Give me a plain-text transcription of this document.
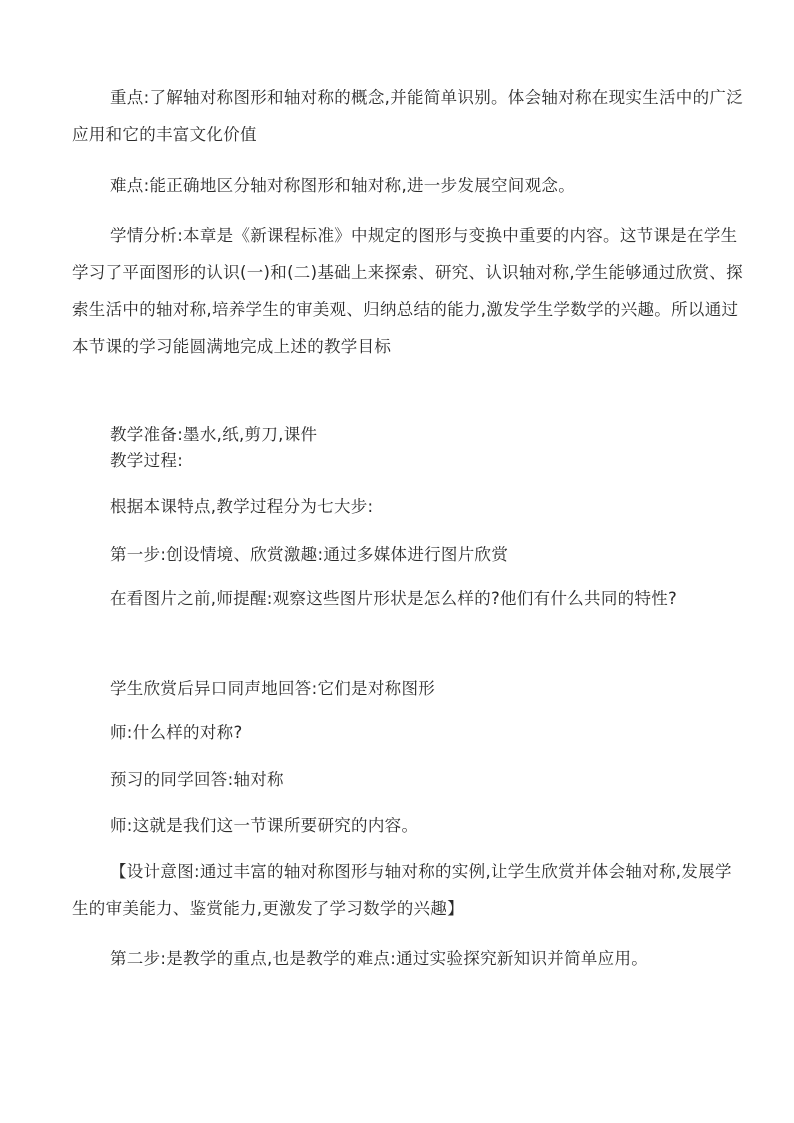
重点:了解轴对称图形和轴对称的概念,并能简单识别。体会轴对称在现实生活中的广泛应用和它的丰富文化价值

难点:能正确地区分轴对称图形和轴对称,进一步发展空间观念。

学情分析:本章是《新课程标准》中规定的图形与变换中重要的内容。这节课是在学生学习了平面图形的认识(一)和(二)基础上来探索、研究、认识轴对称,学生能够通过欣赏、探索生活中的轴对称,培养学生的审美观、归纳总结的能力,激发学生学数学的兴趣。所以通过本节课的学习能圆满地完成上述的教学目标

教学准备:墨水,纸,剪刀,课件

教学过程:

根据本课特点,教学过程分为七大步:

第一步:创设情境、欣赏激趣:通过多媒体进行图片欣赏

在看图片之前,师提醒:观察这些图片形状是怎么样的?他们有什么共同的特性?

学生欣赏后异口同声地回答:它们是对称图形

师:什么样的对称?

预习的同学回答:轴对称

师:这就是我们这一节课所要研究的内容。

【设计意图:通过丰富的轴对称图形与轴对称的实例,让学生欣赏并体会轴对称,发展学生的审美能力、鉴赏能力,更激发了学习数学的兴趣】

第二步:是教学的重点,也是教学的难点:通过实验探究新知识并简单应用。
